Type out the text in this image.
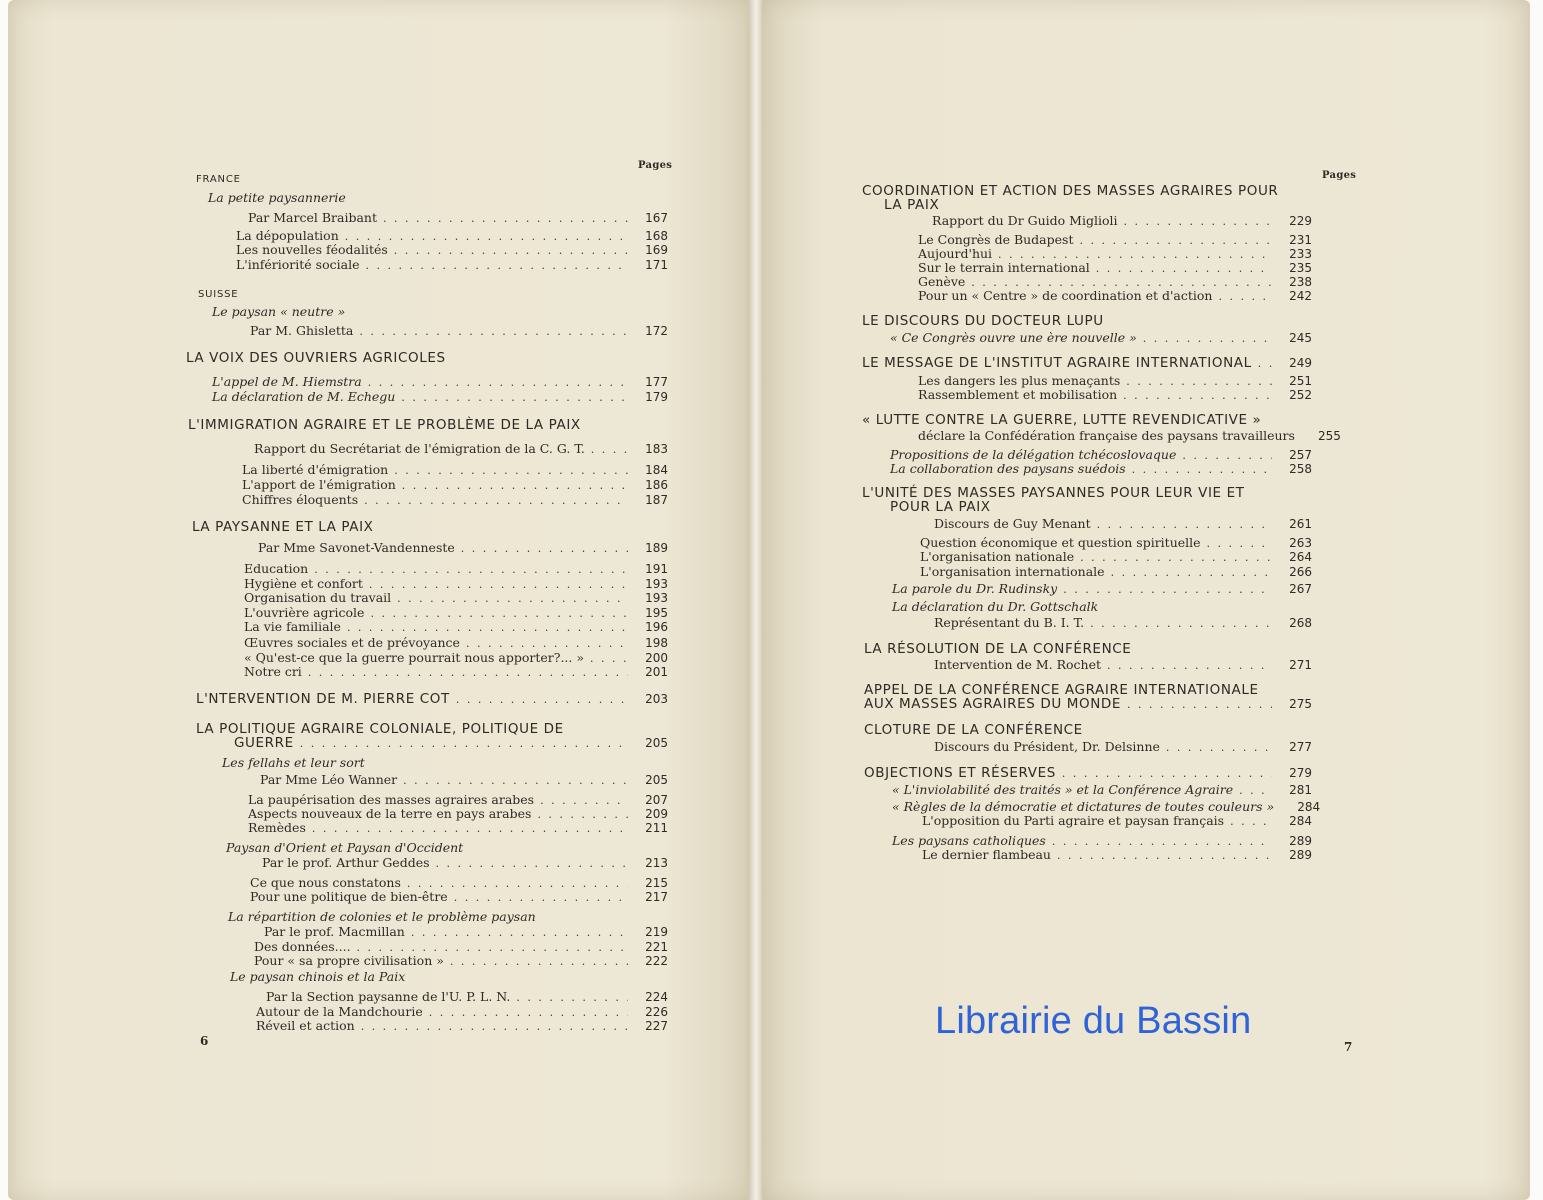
Pages
FRANCE
La petite paysannerie
Par Marcel Braibant . . .	167
La dépopulation . . .	168
Les nouvelles féodalités . . .	169
L'infériorité sociale . . .	171
SUISSE
Le paysan « neutre »
Par M. Ghisletta . . .	172
LA VOIX DES OUVRIERS AGRICOLES
L'appel de M. Hiemstra . . .	177
La déclaration de M. Echegu . . .	179
L'IMMIGRATION AGRAIRE ET LE PROBLÈME DE LA PAIX
Rapport du Secrétariat de l'émigration de la C. G. T. . . .	183
La liberté d'émigration . . .	184
L'apport de l'émigration . . .	186
Chiffres éloquents . . .	187
LA PAYSANNE ET LA PAIX
Par Mme Savonet-Vandenneste . . .	189
Education . . .	191
Hygiène et confort . . .	193
Organisation du travail . . .	193
L'ouvrière agricole . . .	195
La vie familiale . . .	196
Œuvres sociales et de prévoyance . . .	198
« Qu'est-ce que la guerre pourrait nous apporter?... » . . .	200
Notre cri . . .	201
L'NTERVENTION DE M. PIERRE COT . . .	203
LA POLITIQUE AGRAIRE COLONIALE, POLITIQUE DE
GUERRE . . .	205
Les fellahs et leur sort
Par Mme Léo Wanner . . .	205
La paupérisation des masses agraires arabes . . .	207
Aspects nouveaux de la terre en pays arabes . . .	209
Remèdes . . .	211
Paysan d'Orient et Paysan d'Occident
Par le prof. Arthur Geddes . . .	213
Ce que nous constatons . . .	215
Pour une politique de bien-être . . .	217
La répartition de colonies et le problème paysan
Par le prof. Macmillan . . .	219
Des données.... . . .	221
Pour « sa propre civilisation » . . .	222
Le paysan chinois et la Paix
Par la Section paysanne de l'U. P. L. N. . . .	224
Autour de la Mandchourie . . .	226
Réveil et action . . .	227
6
Pages
COORDINATION ET ACTION DES MASSES AGRAIRES POUR
LA PAIX
Rapport du Dr Guido Miglioli . . .	229
Le Congrès de Budapest . . .	231
Aujourd'hui . . .	233
Sur le terrain international . . .	235
Genève . . .	238
Pour un « Centre » de coordination et d'action . . .	242
LE DISCOURS DU DOCTEUR LUPU
« Ce Congrès ouvre une ère nouvelle » . . .	245
LE MESSAGE DE L'INSTITUT AGRAIRE INTERNATIONAL . . .	249
Les dangers les plus menaçants . . .	251
Rassemblement et mobilisation . . .	252
« LUTTE CONTRE LA GUERRE, LUTTE REVENDICATIVE »
déclare la Confédération française des paysans travailleurs	255
Propositions de la délégation tchécoslovaque . . .	257
La collaboration des paysans suédois . . .	258
L'UNITÉ DES MASSES PAYSANNES POUR LEUR VIE ET
POUR LA PAIX
Discours de Guy Menant . . .	261
Question économique et question spirituelle . . .	263
L'organisation nationale . . .	264
L'organisation internationale . . .	266
La parole du Dr. Rudinsky . . .	267
La déclaration du Dr. Gottschalk
Représentant du B. I. T. . . .	268
LA RÉSOLUTION DE LA CONFÉRENCE
Intervention de M. Rochet . . .	271
APPEL DE LA CONFÉRENCE AGRAIRE INTERNATIONALE
AUX MASSES AGRAIRES DU MONDE . . .	275
CLOTURE DE LA CONFÉRENCE
Discours du Président, Dr. Delsinne . . .	277
OBJECTIONS ET RÉSERVES . . .	279
« L'inviolabilité des traités » et la Conférence Agraire . . .	281
« Règles de la démocratie et dictatures de toutes couleurs »	284
L'opposition du Parti agraire et paysan français . . .	284
Les paysans catholiques . . .	289
Le dernier flambeau . . .	289
7
Librairie du Bassin
